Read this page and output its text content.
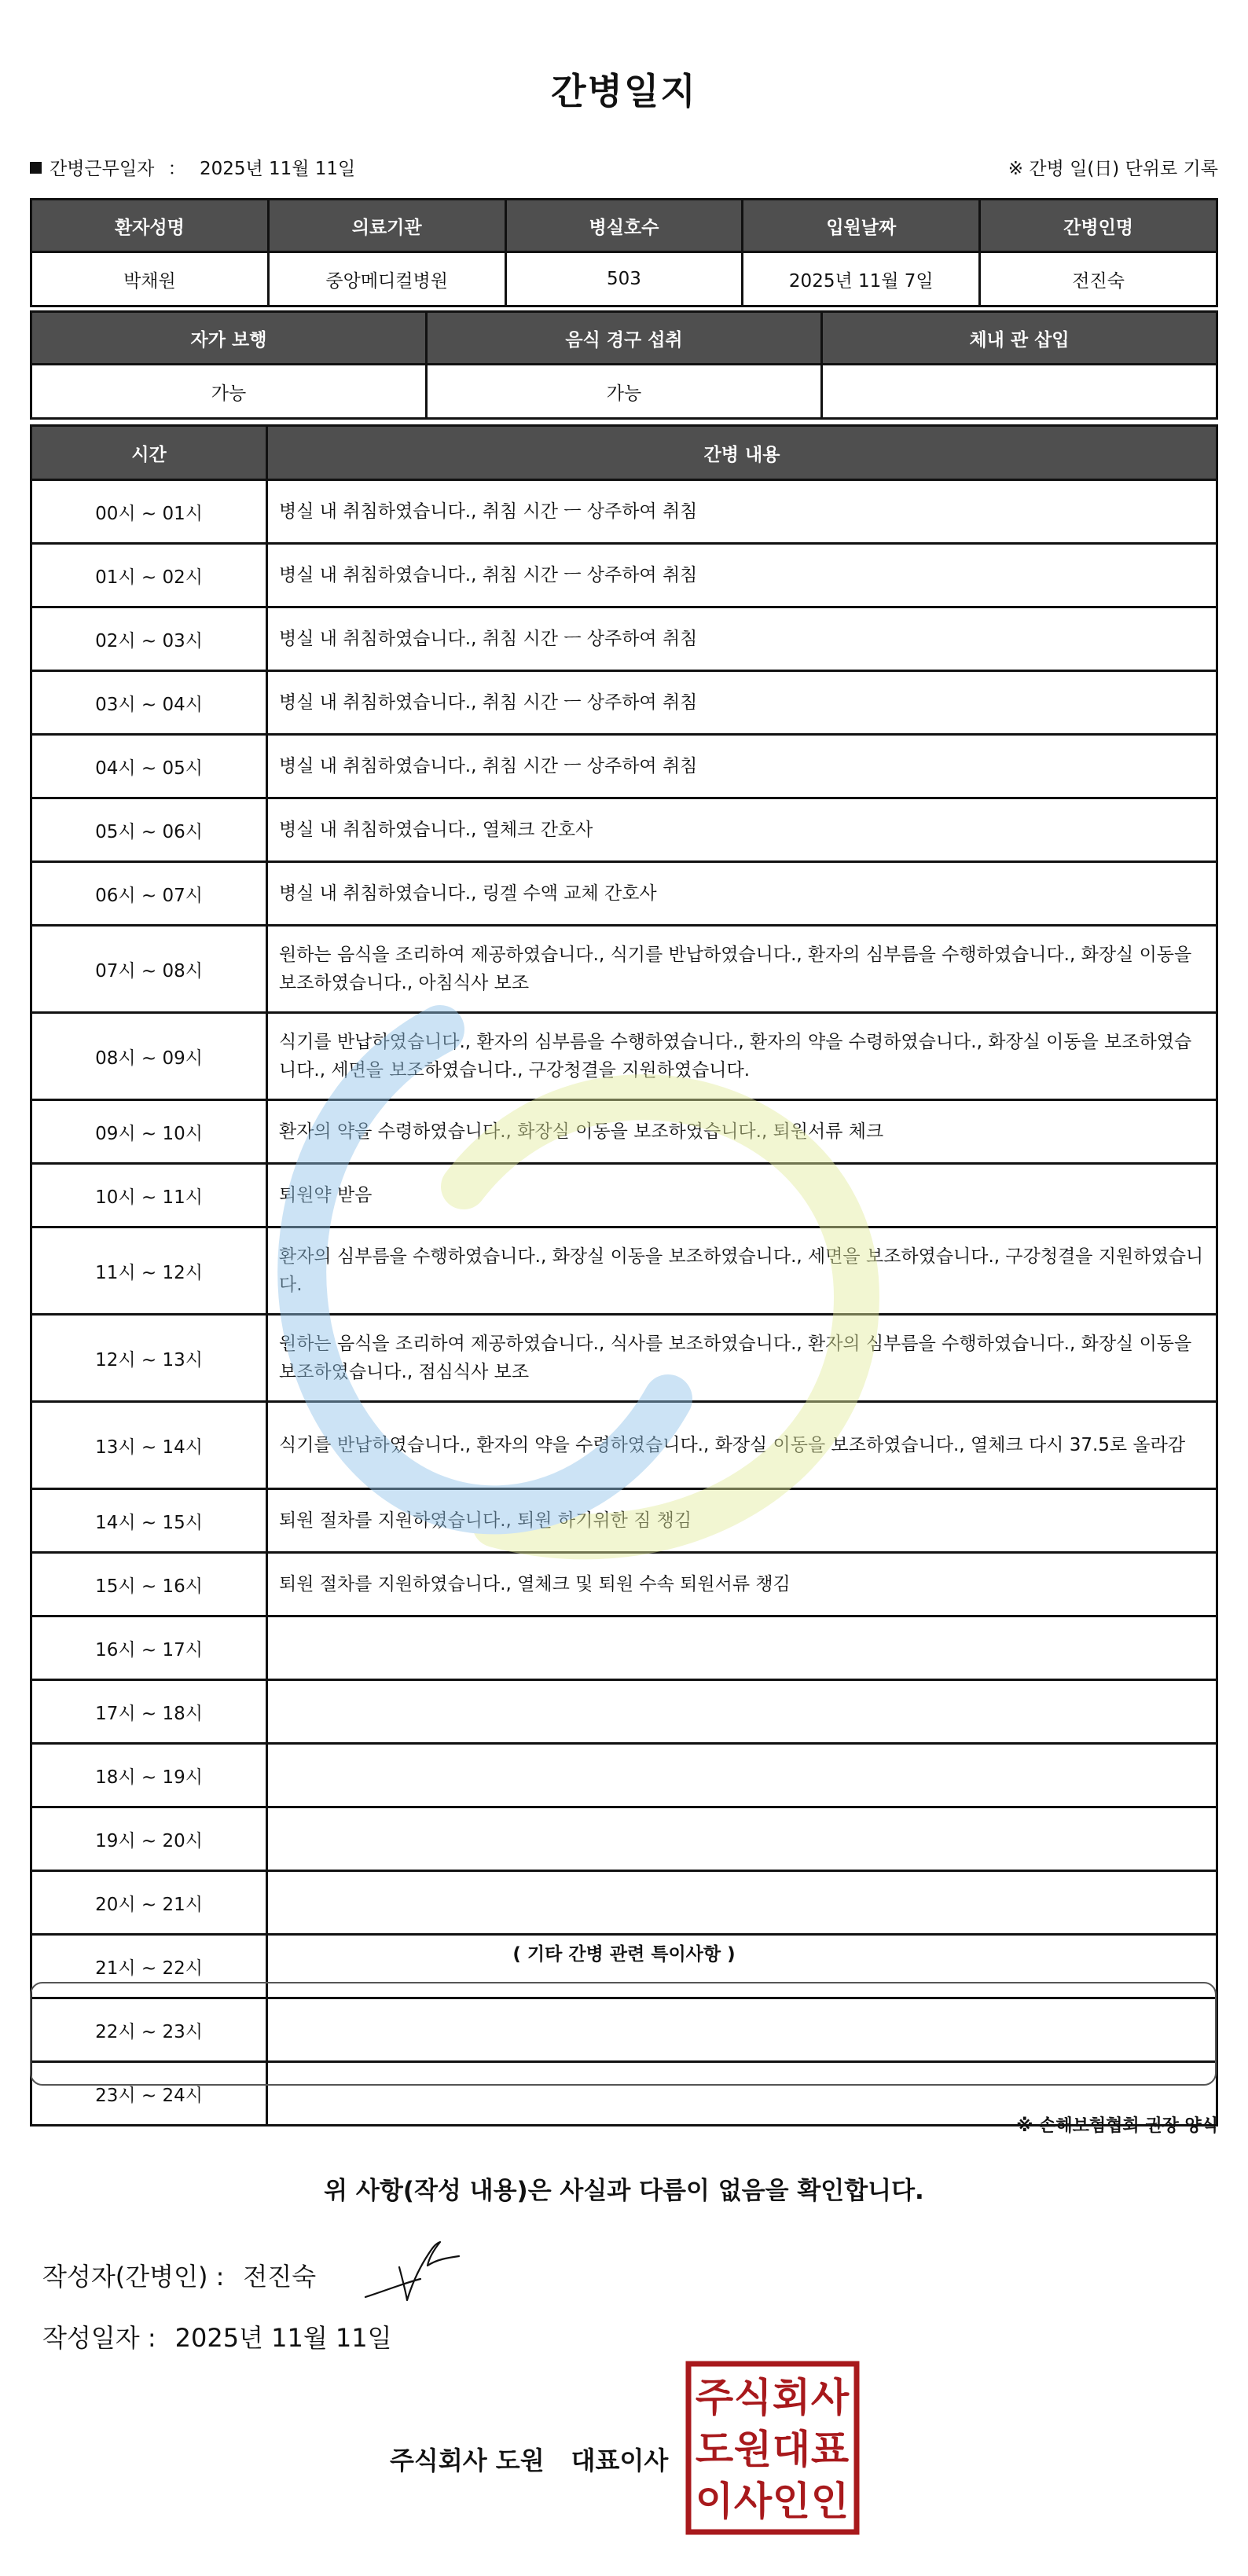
간병일지
간병근무일자 ： 2025년 11월 11일	※ 간병 일(日) 단위로 기록
환자성명	의료기관	병실호수	입원날짜	간병인명
박채원	중앙메디컬병원	503	2025년 11월 7일	전진숙
자가 보행	음식 경구 섭취	체내 관 삽입
가능	가능	
시간	간병 내용
00시 ~ 01시	병실 내 취침하였습니다., 취침 시간 ㅡ 상주하여 취침
01시 ~ 02시	병실 내 취침하였습니다., 취침 시간 ㅡ 상주하여 취침
02시 ~ 03시	병실 내 취침하였습니다., 취침 시간 ㅡ 상주하여 취침
03시 ~ 04시	병실 내 취침하였습니다., 취침 시간 ㅡ 상주하여 취침
04시 ~ 05시	병실 내 취침하였습니다., 취침 시간 ㅡ 상주하여 취침
05시 ~ 06시	병실 내 취침하였습니다., 열체크 간호사
06시 ~ 07시	병실 내 취침하였습니다., 링겔 수액 교체 간호사
07시 ~ 08시	원하는 음식을 조리하여 제공하였습니다., 식기를 반납하였습니다., 환자의 심부름을 수행하였습니다., 화장실 이동을 보조하였습니다., 아침식사 보조
08시 ~ 09시	식기를 반납하였습니다., 환자의 심부름을 수행하였습니다., 환자의 약을 수령하였습니다., 화장실 이동을 보조하였습니다., 세면을 보조하였습니다., 구강청결을 지원하였습니다.
09시 ~ 10시	환자의 약을 수령하였습니다., 화장실 이동을 보조하였습니다., 퇴원서류 체크
10시 ~ 11시	퇴원약 받음
11시 ~ 12시	환자의 심부름을 수행하였습니다., 화장실 이동을 보조하였습니다., 세면을 보조하였습니다., 구강청결을 지원하였습니다.
12시 ~ 13시	원하는 음식을 조리하여 제공하였습니다., 식사를 보조하였습니다., 환자의 심부름을 수행하였습니다., 화장실 이동을 보조하였습니다., 점심식사 보조
13시 ~ 14시	식기를 반납하였습니다., 환자의 약을 수령하였습니다., 화장실 이동을 보조하였습니다., 열체크 다시 37.5로 올라감
14시 ~ 15시	퇴원 절차를 지원하였습니다., 퇴원 하기위한 짐 챙김
15시 ~ 16시	퇴원 절차를 지원하였습니다., 열체크 및 퇴원 수속 퇴원서류 챙김
16시 ~ 17시	
17시 ~ 18시	
18시 ~ 19시	
19시 ~ 20시	
20시 ~ 21시	
21시 ~ 22시	
22시 ~ 23시	
23시 ~ 24시	
( 기타 간병 관련 특이사항 )
※ 손해보험협회 권장 양식
위 사항(작성 내용)은 사실과 다름이 없음을 확인합니다.
작성자(간병인) : 전진숙
작성일자 : 2025년 11월 11일
주식회사 도원 대표이사
주 식 회 사
도 원 대 표
이 사 인 인
